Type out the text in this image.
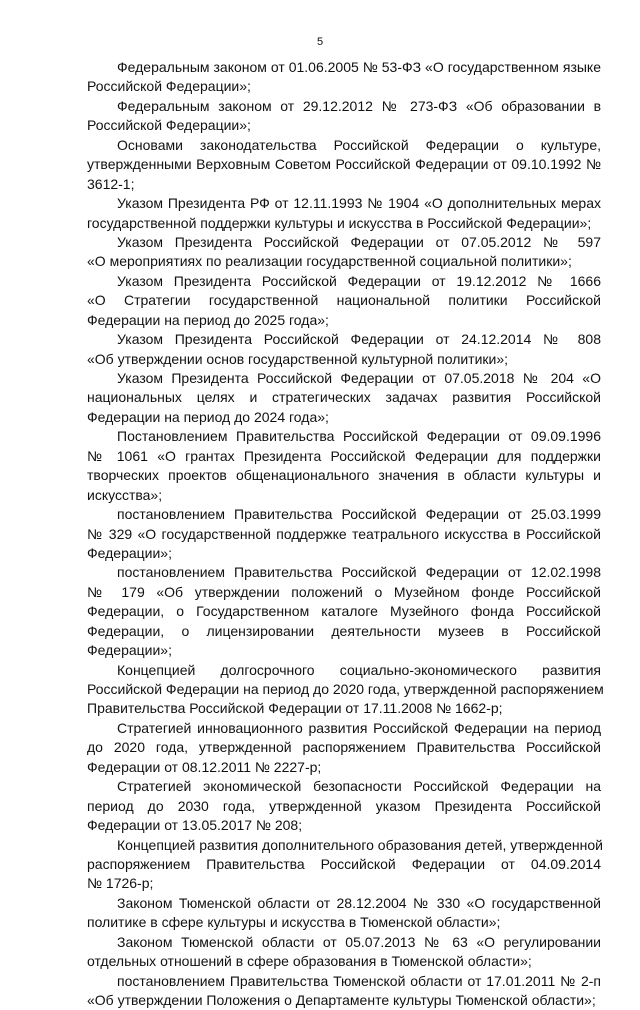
5
Федеральным законом от 01.06.2005 № 53-ФЗ «О государственном языке
Российской Федерации»;
Федеральным законом от 29.12.2012 № 273-ФЗ «Об образовании в
Российской Федерации»;
Основами законодательства Российской Федерации о культуре,
утвержденными Верховным Советом Российской Федерации от 09.10.1992 №
3612-1;
Указом Президента РФ от 12.11.1993 № 1904 «О дополнительных мерах
государственной поддержки культуры и искусства в Российской Федерации»;
Указом Президента Российской Федерации от 07.05.2012 № 597
«О мероприятиях по реализации государственной социальной политики»;
Указом Президента Российской Федерации от 19.12.2012 № 1666
«О Стратегии государственной национальной политики Российской
Федерации на период до 2025 года»;
Указом Президента Российской Федерации от 24.12.2014 № 808
«Об утверждении основ государственной культурной политики»;
Указом Президента Российской Федерации от 07.05.2018 № 204 «О
национальных целях и стратегических задачах развития Российской
Федерации на период до 2024 года»;
Постановлением Правительства Российской Федерации от 09.09.1996
№ 1061 «О грантах Президента Российской Федерации для поддержки
творческих проектов общенационального значения в области культуры и
искусства»;
постановлением Правительства Российской Федерации от 25.03.1999
№ 329 «О государственной поддержке театрального искусства в Российской
Федерации»;
постановлением Правительства Российской Федерации от 12.02.1998
№ 179 «Об утверждении положений о Музейном фонде Российской
Федерации, о Государственном каталоге Музейного фонда Российской
Федерации, о лицензировании деятельности музеев в Российской
Федерации»;
Концепцией долгосрочного социально-экономического развития
Российской Федерации на период до 2020 года, утвержденной распоряжением
Правительства Российской Федерации от 17.11.2008 № 1662-р;
Стратегией инновационного развития Российской Федерации на период
до 2020 года, утвержденной распоряжением Правительства Российской
Федерации от 08.12.2011 № 2227-р;
Стратегией экономической безопасности Российской Федерации на
период до 2030 года, утвержденной указом Президента Российской
Федерации от 13.05.2017 № 208;
Концепцией развития дополнительного образования детей, утвержденной
распоряжением Правительства Российской Федерации от 04.09.2014
№ 1726-р;
Законом Тюменской области от 28.12.2004 № 330 «О государственной
политике в сфере культуры и искусства в Тюменской области»;
Законом Тюменской области от 05.07.2013 № 63 «О регулировании
отдельных отношений в сфере образования в Тюменской области»;
постановлением Правительства Тюменской области от 17.01.2011 № 2-п
«Об утверждении Положения о Департаменте культуры Тюменской области»;
